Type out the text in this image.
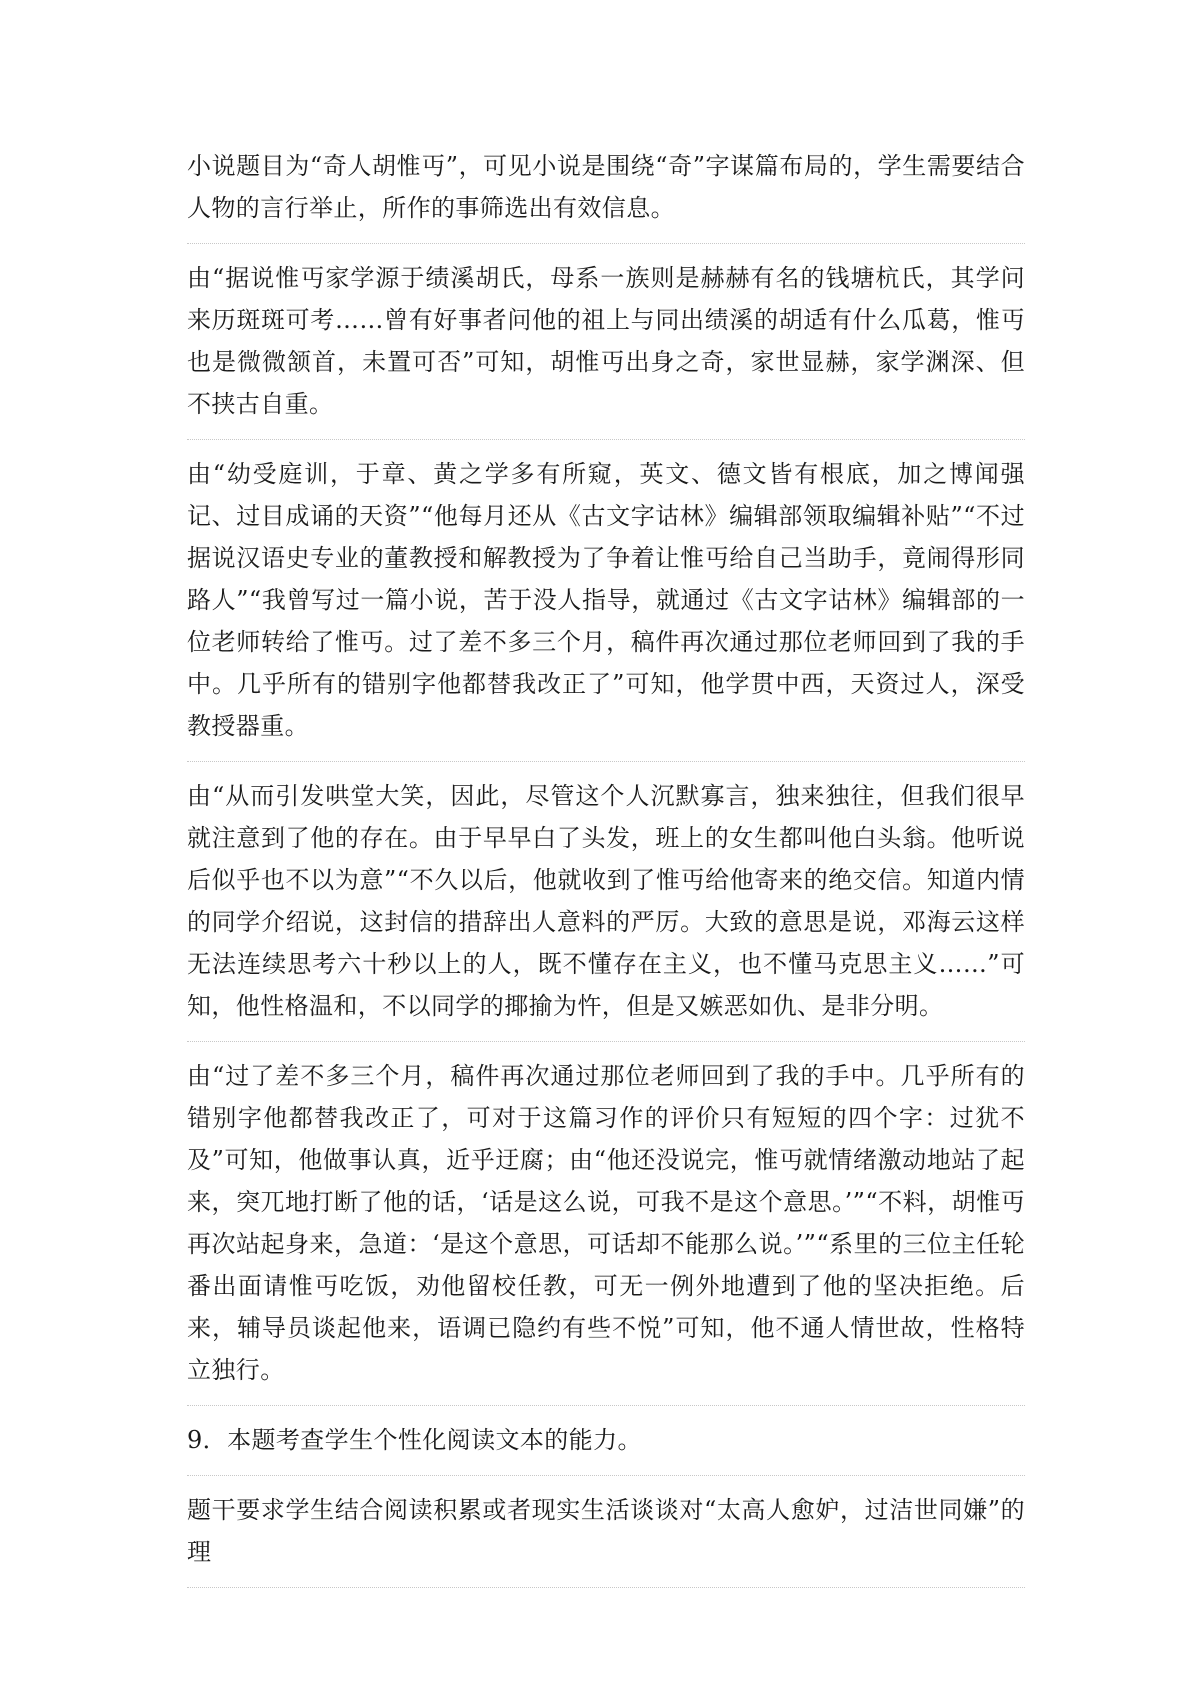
小说题目为“奇人胡惟丏”，可见小说是围绕“奇”字谋篇布局的，学生需要结合人物的言行举止，所作的事筛选出有效信息。

由“据说惟丏家学源于绩溪胡氏，母系一族则是赫赫有名的钱塘杭氏，其学问来历斑斑可考……曾有好事者问他的祖上与同出绩溪的胡适有什么瓜葛，惟丏也是微微颔首，未置可否”可知，胡惟丏出身之奇，家世显赫，家学渊深、但不挟古自重。

由“幼受庭训，于章、黄之学多有所窥，英文、德文皆有根底，加之博闻强记、过目成诵的天资”“他每月还从《古文字诂林》编辑部领取编辑补贴”“不过据说汉语史专业的董教授和解教授为了争着让惟丏给自己当助手，竟闹得形同路人”“我曾写过一篇小说，苦于没人指导，就通过《古文字诂林》编辑部的一位老师转给了惟丏。过了差不多三个月，稿件再次通过那位老师回到了我的手中。几乎所有的错别字他都替我改正了”可知，他学贯中西，天资过人，深受教授器重。

由“从而引发哄堂大笑，因此，尽管这个人沉默寡言，独来独往，但我们很早就注意到了他的存在。由于早早白了头发，班上的女生都叫他白头翁。他听说后似乎也不以为意”“不久以后，他就收到了惟丏给他寄来的绝交信。知道内情的同学介绍说，这封信的措辞出人意料的严厉。大致的意思是说，邓海云这样无法连续思考六十秒以上的人，既不懂存在主义，也不懂马克思主义……”可知，他性格温和，不以同学的揶揄为忤，但是又嫉恶如仇、是非分明。

由“过了差不多三个月，稿件再次通过那位老师回到了我的手中。几乎所有的错别字他都替我改正了，可对于这篇习作的评价只有短短的四个字：过犹不及”可知，他做事认真，近乎迂腐；由“他还没说完，惟丏就情绪激动地站了起来，突兀地打断了他的话，‘话是这么说，可我不是这个意思。’”“不料，胡惟丏再次站起身来，急道：‘是这个意思，可话却不能那么说。’”“系里的三位主任轮番出面请惟丏吃饭，劝他留校任教，可无一例外地遭到了他的坚决拒绝。后来，辅导员谈起他来，语调已隐约有些不悦”可知，他不通人情世故，性格特立独行。

9．本题考查学生个性化阅读文本的能力。

题干要求学生结合阅读积累或者现实生活谈谈对“太高人愈妒，过洁世同嫌”的理
